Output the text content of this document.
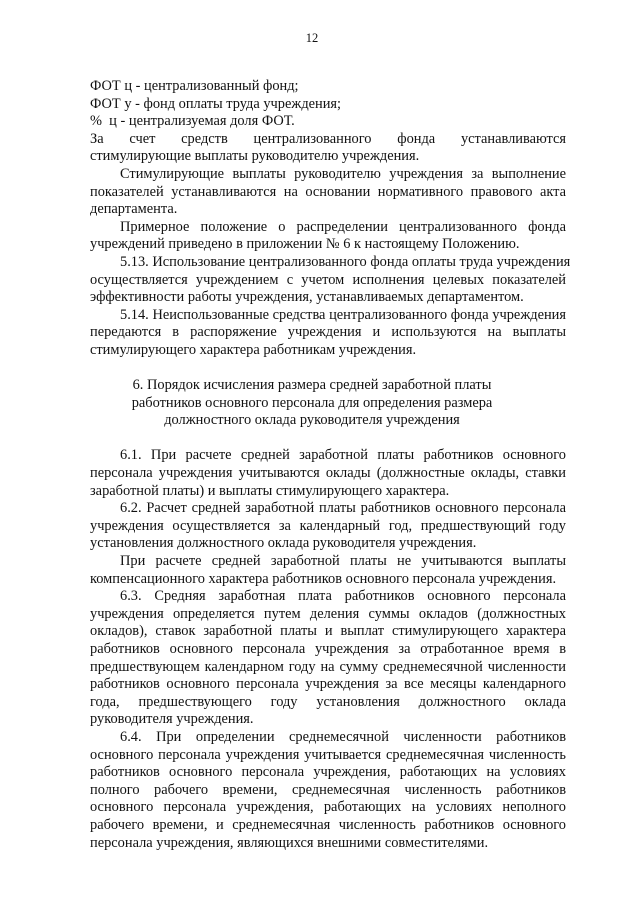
12
ФОТ ц - централизованный фонд;
ФОТ у - фонд оплаты труда учреждения;
%  ц - централизуемая доля ФОТ.
За счет средств централизованного фонда устанавливаются
стимулирующие выплаты руководителю учреждения.
Стимулирующие выплаты руководителю учреждения за выполнение
показателей устанавливаются на основании нормативного правового акта
департамента.
Примерное положение о распределении централизованного фонда
учреждений приведено в приложении № 6 к настоящему Положению.
5.13. Использование централизованного фонда оплаты труда учреждения
осуществляется учреждением с учетом исполнения целевых показателей
эффективности работы учреждения, устанавливаемых департаментом.
5.14. Неиспользованные средства централизованного фонда учреждения
передаются в распоряжение учреждения и используются на выплаты
стимулирующего характера работникам учреждения.
6. Порядок исчисления размера средней заработной платы
работников основного персонала для определения размера
должностного оклада руководителя учреждения
6.1. При расчете средней заработной платы работников основного
персонала учреждения учитываются оклады (должностные оклады, ставки
заработной платы) и выплаты стимулирующего характера.
6.2. Расчет средней заработной платы работников основного персонала
учреждения осуществляется за календарный год, предшествующий году
установления должностного оклада руководителя учреждения.
При расчете средней заработной платы не учитываются выплаты
компенсационного характера работников основного персонала учреждения.
6.3. Средняя заработная плата работников основного персонала
учреждения определяется путем деления суммы окладов (должностных
окладов), ставок заработной платы и выплат стимулирующего характера
работников основного персонала учреждения за отработанное время в
предшествующем календарном году на сумму среднемесячной численности
работников основного персонала учреждения за все месяцы календарного
года, предшествующего году установления должностного оклада
руководителя учреждения.
6.4. При определении среднемесячной численности работников
основного персонала учреждения учитывается среднемесячная численность
работников основного персонала учреждения, работающих на условиях
полного рабочего времени, среднемесячная численность работников
основного персонала учреждения, работающих на условиях неполного
рабочего времени, и среднемесячная численность работников основного
персонала учреждения, являющихся внешними совместителями.
